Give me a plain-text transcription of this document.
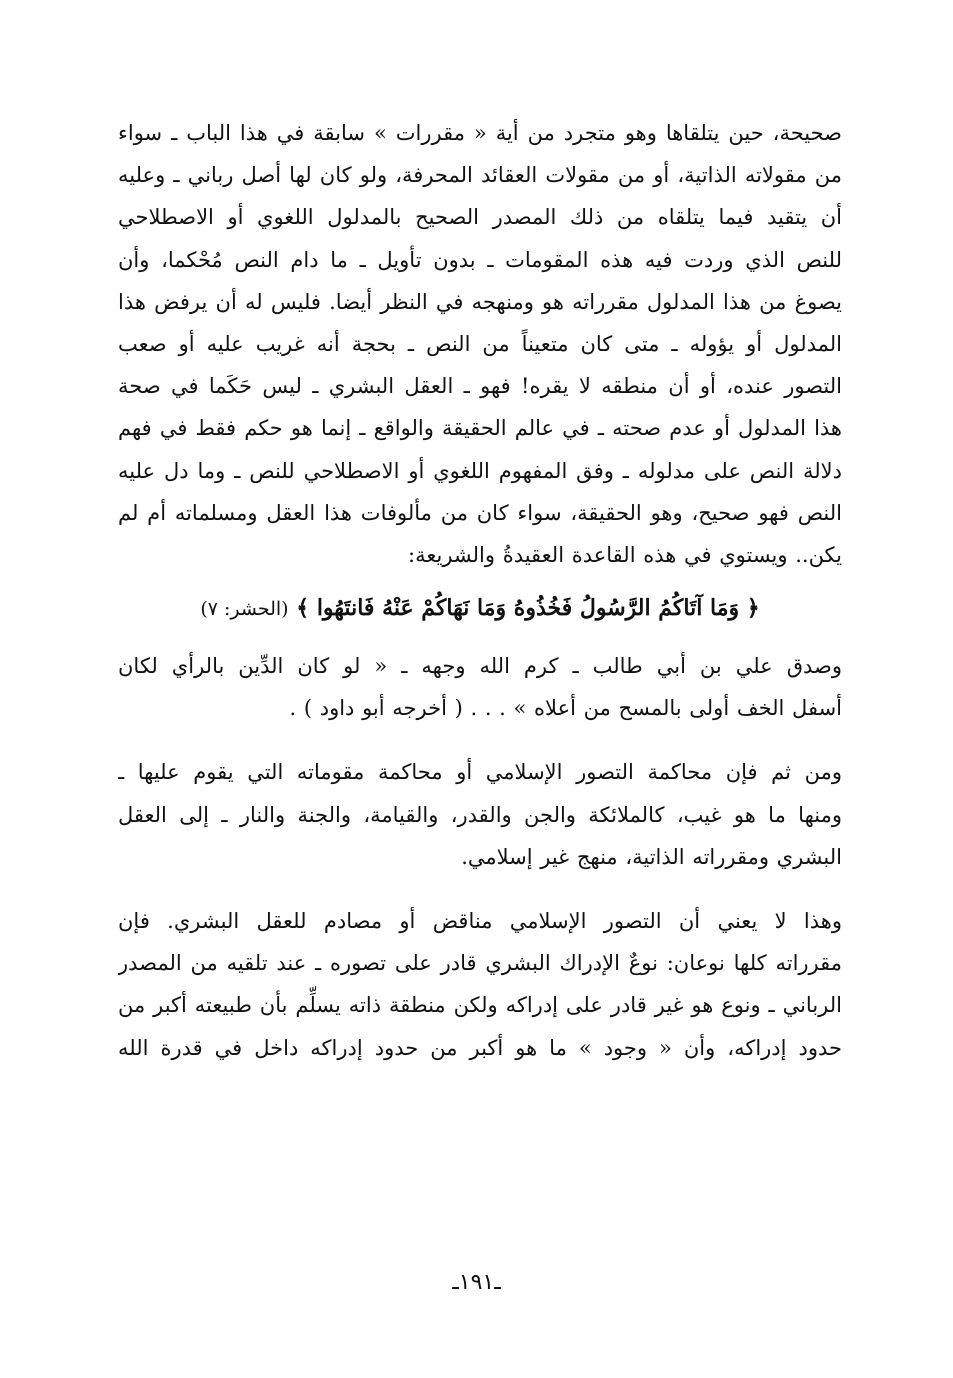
صحيحة، حين يتلقاها وهو متجرد من أية « مقررات » سابقة في هذا الباب ـ سواء
من مقولاته الذاتية، أو من مقولات العقائد المحرفة، ولو كان لها أصل رباني ـ وعليه
أن يتقيد فيما يتلقاه من ذلك المصدر الصحيح بالمدلول اللغوي أو الاصطلاحي
للنص الذي وردت فيه هذه المقومات ـ بدون تأويل ـ ما دام النص مُحْكما، وأن
يصوغ من هذا المدلول مقرراته هو ومنهجه في النظر أيضا. فليس له أن يرفض هذا
المدلول أو يؤوله ـ متى كان متعيناً من النص ـ بحجة أنه غريب عليه أو صعب
التصور عنده، أو أن منطقه لا يقره! فهو ـ العقل البشري ـ ليس حَكَما في صحة
هذا المدلول أو عدم صحته ـ في عالم الحقيقة والواقع ـ إنما هو حكم فقط في فهم
دلالة النص على مدلوله ـ وفق المفهوم اللغوي أو الاصطلاحي للنص ـ وما دل عليه
النص فهو صحيح، وهو الحقيقة، سواء كان من مألوفات هذا العقل ومسلماته أم لم
يكن.. ويستوي في هذه القاعدة العقيدةُ والشريعة:

﴿ وَمَا آتَاكُمُ الرَّسُولُ فَخُذُوهُ وَمَا نَهَاكُمْ عَنْهُ فَانتَهُوا ﴾ (الحشر: ٧)

وصدق علي بن أبي طالب ـ كرم الله وجهه ـ « لو كان الدِّين بالرأي لكان
أسفل الخف أولى بالمسح من أعلاه » . . . ( أخرجه أبو داود ) .

ومن ثم فإن محاكمة التصور الإسلامي أو محاكمة مقوماته التي يقوم عليها ـ
ومنها ما هو غيب، كالملائكة والجن والقدر، والقيامة، والجنة والنار ـ إلى العقل
البشري ومقرراته الذاتية، منهج غير إسلامي.

وهذا لا يعني أن التصور الإسلامي مناقض أو مصادم للعقل البشري. فإن
مقرراته كلها نوعان: نوعٌ الإدراك البشري قادر على تصوره ـ عند تلقيه من المصدر
الرباني ـ ونوع هو غير قادر على إدراكه ولكن منطقة ذاته يسلِّم بأن طبيعته أكبر من
حدود إدراكه، وأن « وجود » ما هو أكبر من حدود إدراكه داخل في قدرة الله

ـ١٩١ـ
